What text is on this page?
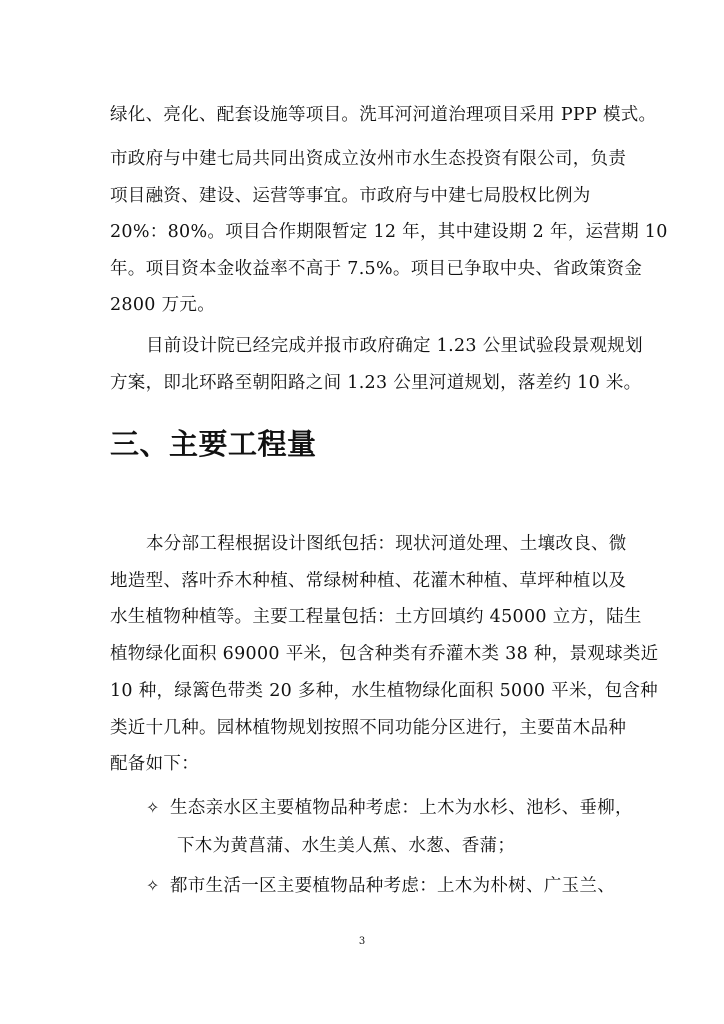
绿化、亮化、配套设施等项目。洗耳河河道治理项目采用 PPP 模式。
市政府与中建七局共同出资成立汝州市水生态投资有限公司，负责
项目融资、建设、运营等事宜。市政府与中建七局股权比例为
20%：80%。项目合作期限暂定 12 年，其中建设期 2 年，运营期 10
年。项目资本金收益率不高于 7.5%。项目已争取中央、省政策资金
2800 万元。
目前设计院已经完成并报市政府确定 1.23 公里试验段景观规划
方案，即北环路至朝阳路之间 1.23 公里河道规划，落差约 10 米。
三、主要工程量
本分部工程根据设计图纸包括：现状河道处理、土壤改良、微
地造型、落叶乔木种植、常绿树种植、花灌木种植、草坪种植以及
水生植物种植等。主要工程量包括：土方回填约 45000 立方，陆生
植物绿化面积 69000 平米，包含种类有乔灌木类 38 种，景观球类近
10 种，绿篱色带类 20 多种，水生植物绿化面积 5000 平米，包含种
类近十几种。园林植物规划按照不同功能分区进行，主要苗木品种
配备如下：
✧ 生态亲水区主要植物品种考虑：上木为水杉、池杉、垂柳，
下木为黄菖蒲、水生美人蕉、水葱、香蒲；
✧ 都市生活一区主要植物品种考虑：上木为朴树、广玉兰、
3
